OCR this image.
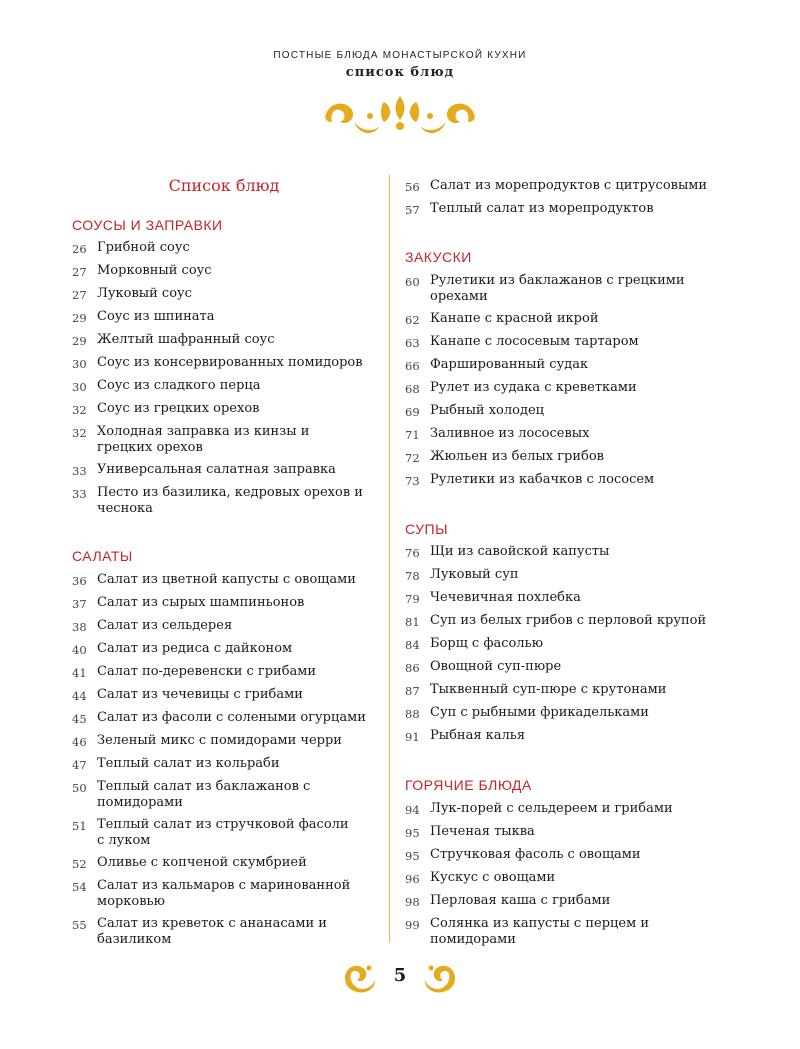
ПОСТНЫЕ БЛЮДА МОНАСТЫРСКОЙ КУХНИ
список блюд
Список блюд
СОУСЫ И ЗАПРАВКИ
26 Грибной соус
27 Морковный соус
27 Луковый соус
29 Соус из шпината
29 Желтый шафранный соус
30 Соус из консервированных помидоров
30 Соус из сладкого перца
32 Соус из грецких орехов
32 Холодная заправка из кинзы и грецких орехов
33 Универсальная салатная заправка
33 Песто из базилика, кедровых орехов и чеснока
САЛАТЫ
36 Салат из цветной капусты с овощами
37 Салат из сырых шампиньонов
38 Салат из сельдерея
40 Салат из редиса с дайконом
41 Салат по-деревенски с грибами
44 Салат из чечевицы с грибами
45 Салат из фасоли с солеными огурцами
46 Зеленый микс с помидорами черри
47 Теплый салат из кольраби
50 Теплый салат из баклажанов с помидорами
51 Теплый салат из стручковой фасоли с луком
52 Оливье с копченой скумбрией
54 Салат из кальмаров с маринованной морковью
55 Салат из креветок с ананасами и базиликом
56 Салат из морепродуктов с цитрусовыми
57 Теплый салат из морепродуктов
ЗАКУСКИ
60 Рулетики из баклажанов с грецкими орехами
62 Канапе с красной икрой
63 Канапе с лососевым тартаром
66 Фаршированный судак
68 Рулет из судака с креветками
69 Рыбный холодец
71 Заливное из лососевых
72 Жюльен из белых грибов
73 Рулетики из кабачков с лососем
СУПЫ
76 Щи из савойской капусты
78 Луковый суп
79 Чечевичная похлебка
81 Суп из белых грибов с перловой крупой
84 Борщ с фасолью
86 Овощной суп-пюре
87 Тыквенный суп-пюре с крутонами
88 Суп с рыбными фрикадельками
91 Рыбная калья
ГОРЯЧИЕ БЛЮДА
94 Лук-порей с сельдереем и грибами
95 Печеная тыква
95 Стручковая фасоль с овощами
96 Кускус с овощами
98 Перловая каша с грибами
99 Солянка из капусты с перцем и помидорами
5
